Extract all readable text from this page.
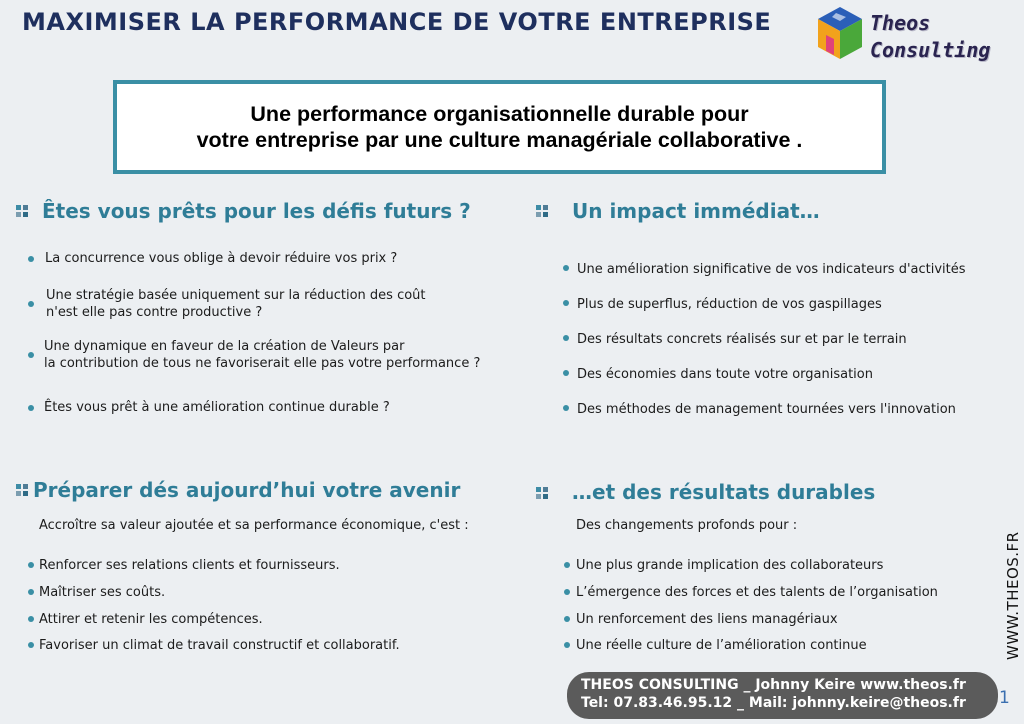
MAXIMISER LA PERFORMANCE DE VOTRE ENTREPRISE	Theos
Consulting
Une performance organisationnelle durable pour
votre entreprise par une culture managériale collaborative .
Êtes vous prêts pour les défis futurs ?
La concurrence vous oblige à devoir réduire vos prix ?
Une stratégie basée uniquement sur la réduction des coût
n'est elle pas contre productive ?
Une dynamique en faveur de la création de Valeurs par
la contribution de tous ne favoriserait elle pas votre performance ?
Êtes vous prêt à une amélioration continue durable ?
Un impact immédiat…
Une amélioration significative de vos indicateurs d'activités
Plus de superflus, réduction de vos gaspillages
Des résultats concrets réalisés sur et par le terrain
Des économies dans toute votre organisation
Des méthodes de management tournées vers l'innovation
Préparer dés aujourd’hui votre avenir
Accroître sa valeur ajoutée et sa performance économique, c'est :
Renforcer ses relations clients et fournisseurs.
Maîtriser ses coûts.
Attirer et retenir les compétences.
Favoriser un climat de travail constructif et collaboratif.
…et des résultats durables
Des changements profonds pour :
Une plus grande implication des collaborateurs
L’émergence des forces et des talents de l’organisation
Un renforcement des liens managériaux
Une réelle culture de l’amélioration continue	WWW.THEOS.FR
THEOS CONSULTING _ Johnny Keire www.theos.fr
Tel: 07.83.46.95.12 _ Mail: johnny.keire@theos.fr 1
